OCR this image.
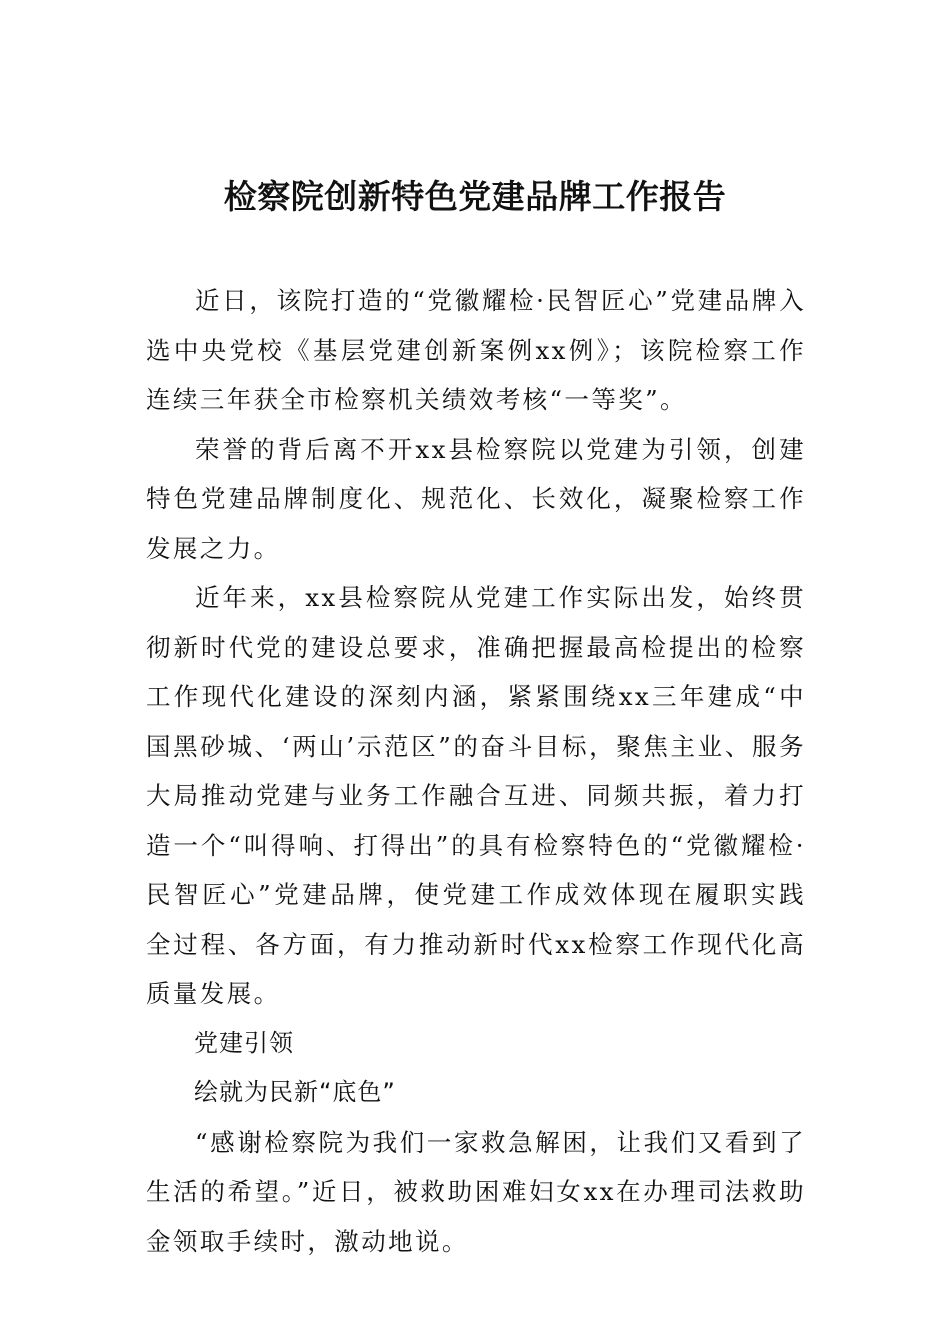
检察院创新特色党建品牌工作报告

近日，该院打造的“党徽耀检·民智匠心”党建品牌入选中央党校《基层党建创新案例xx例》；该院检察工作连续三年获全市检察机关绩效考核“一等奖”。

荣誉的背后离不开xx县检察院以党建为引领，创建特色党建品牌制度化、规范化、长效化，凝聚检察工作发展之力。

近年来，xx县检察院从党建工作实际出发，始终贯彻新时代党的建设总要求，准确把握最高检提出的检察工作现代化建设的深刻内涵，紧紧围绕xx三年建成“中国黑砂城、‘两山’示范区”的奋斗目标，聚焦主业、服务大局推动党建与业务工作融合互进、同频共振，着力打造一个“叫得响、打得出”的具有检察特色的“党徽耀检·民智匠心”党建品牌，使党建工作成效体现在履职实践全过程、各方面，有力推动新时代xx检察工作现代化高质量发展。

党建引领

绘就为民新“底色”

“感谢检察院为我们一家救急解困，让我们又看到了生活的希望。”近日，被救助困难妇女xx在办理司法救助金领取手续时，激动地说。
